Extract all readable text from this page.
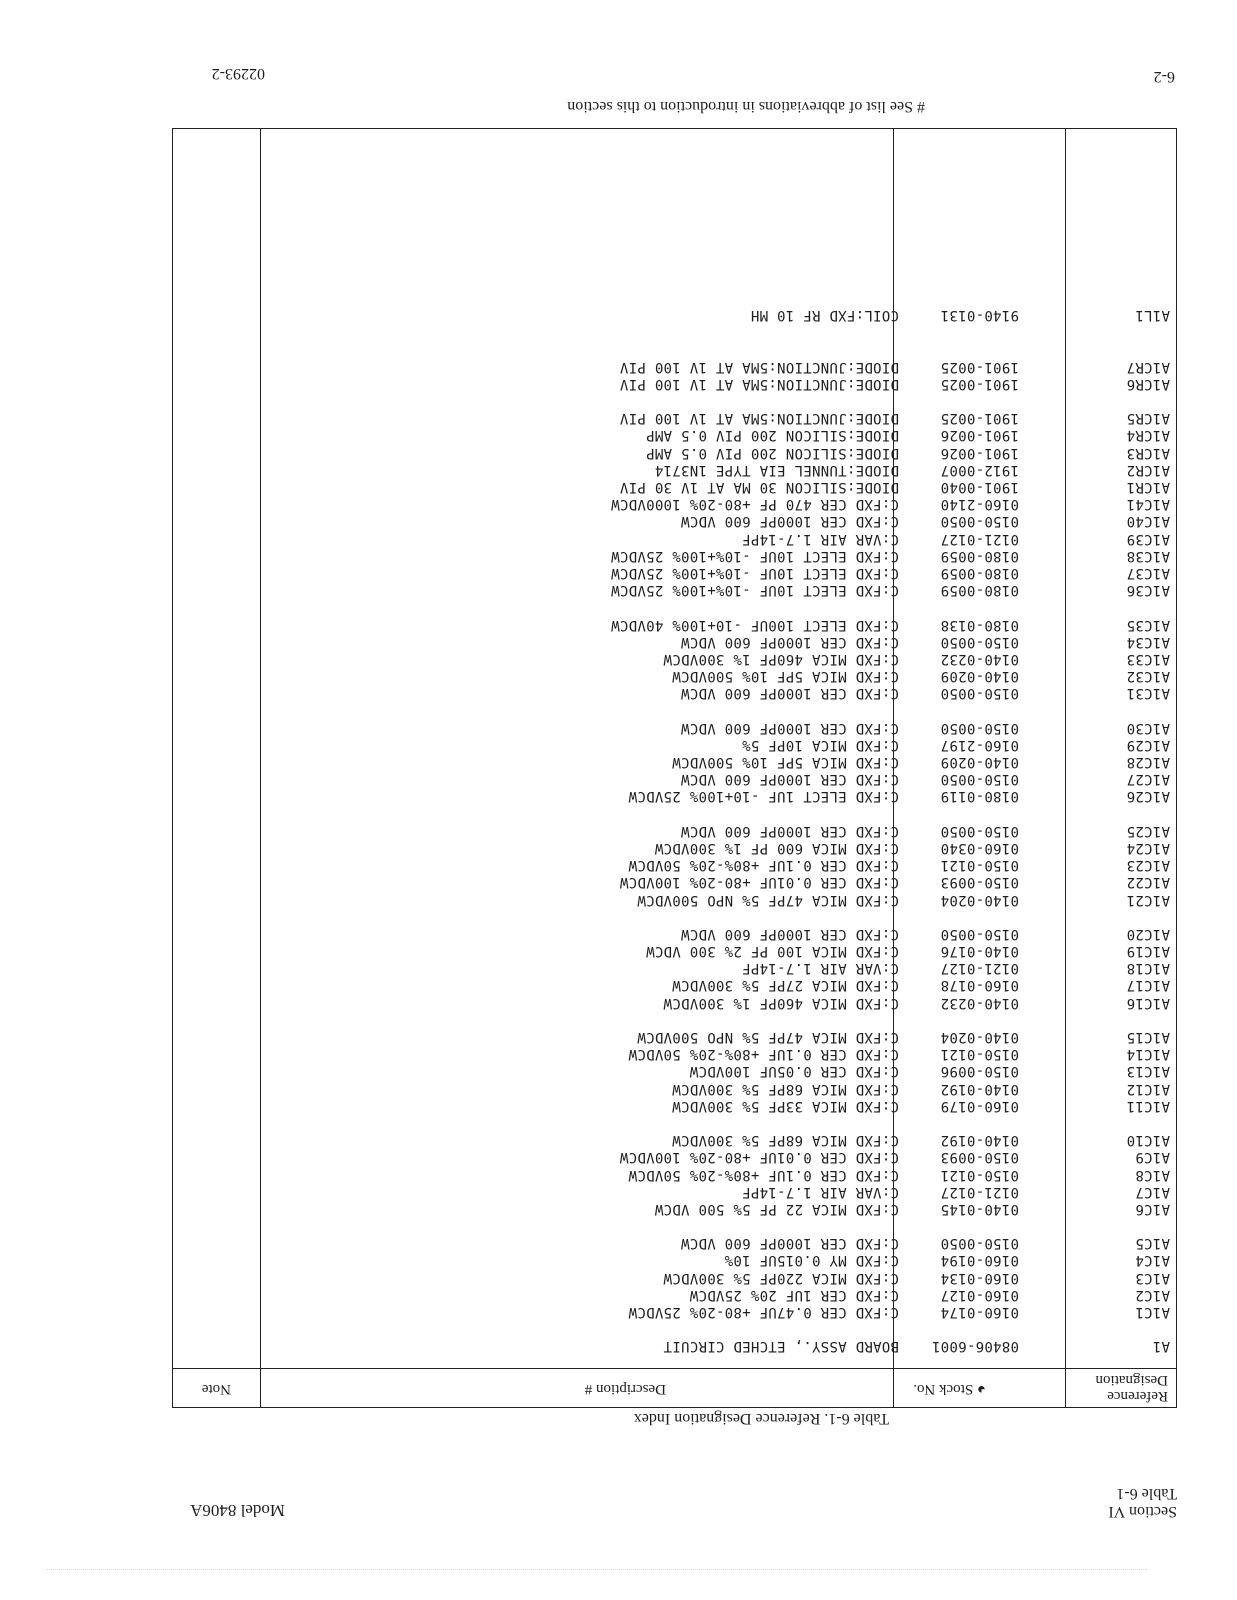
Section VI
Table 6-1
Model 8406A
Table 6-1. Reference Designation Index
Reference Designation
◕ Stock No.
Description #
Note
A1
08406-6001
BOARD ASSY., ETCHED CIRCUIT
A1C1
0160-0174
C:FXD CER 0.47UF +80-20% 25VDCW
A1C2
0160-0127
C:FXD CER 1UF 20% 25VDCW
A1C3
0160-0134
C:FXD MICA 220PF 5% 300VDCW
A1C4
0160-0194
C:FXD MY 0.015UF 10%
A1C5
0150-0050
C:FXD CER 1000PF 600 VDCW
A1C6
0140-0145
C:FXD MICA 22 PF 5% 500 VDCW
A1C7
0121-0127
C:VAR AIR 1.7-14PF
A1C8
0150-0121
C:FXD CER 0.1UF +80%-20% 50VDCW
A1C9
0150-0093
C:FXD CER 0.01UF +80-20% 100VDCW
A1C10
0140-0192
C:FXD MICA 68PF 5% 300VDCW
A1C11
0160-0179
C:FXD MICA 33PF 5% 300VDCW
A1C12
0140-0192
C:FXD MICA 68PF 5% 300VDCW
A1C13
0150-0096
C:FXD CER 0.05UF 100VDCW
A1C14
0150-0121
C:FXD CER 0.1UF +80%-20% 50VDCW
A1C15
0140-0204
C:FXD MICA 47PF 5% NPO 500VDCW
A1C16
0140-0232
C:FXD MICA 460PF 1% 300VDCW
A1C17
0160-0178
C:FXD MICA 27PF 5% 300VDCW
A1C18
0121-0127
C:VAR AIR 1.7-14PF
A1C19
0140-0176
C:FXD MICA 100 PF 2% 300 VDCW
A1C20
0150-0050
C:FXD CER 1000PF 600 VDCW
A1C21
0140-0204
C:FXD MICA 47PF 5% NPO 500VDCW
A1C22
0150-0093
C:FXD CER 0.01UF +80-20% 100VDCW
A1C23
0150-0121
C:FXD CER 0.1UF +80%-20% 50VDCW
A1C24
0160-0340
C:FXD MICA 600 PF 1% 300VDCW
A1C25
0150-0050
C:FXD CER 1000PF 600 VDCW
A1C26
0180-0119
C:FXD ELECT 1UF -10+100% 25VDCW
A1C27
0150-0050
C:FXD CER 1000PF 600 VDCW
A1C28
0140-0209
C:FXD MICA 5PF 10% 500VDCW
A1C29
0160-2197
C:FXD MICA 10PF 5%
A1C30
0150-0050
C:FXD CER 1000PF 600 VDCW
A1C31
0150-0050
C:FXD CER 1000PF 600 VDCW
A1C32
0140-0209
C:FXD MICA 5PF 10% 500VDCW
A1C33
0140-0232
C:FXD MICA 460PF 1% 300VDCW
A1C34
0150-0050
C:FXD CER 1000PF 600 VDCW
A1C35
0180-0138
C:FXD ELECT 100UF -10+100% 40VDCW
A1C36
0180-0059
C:FXD ELECT 10UF -10%+100% 25VDCW
A1C37
0180-0059
C:FXD ELECT 10UF -10%+100% 25VDCW
A1C38
0180-0059
C:FXD ELECT 10UF -10%+100% 25VDCW
A1C39
0121-0127
C:VAR AIR 1.7-14PF
A1C40
0150-0050
C:FXD CER 1000PF 600 VDCW
A1C41
0160-2140
C:FXD CER 470 PF +80-20% 1000VDCW
A1CR1
1901-0040
DIODE:SILICON 30 MA AT 1V 30 PIV
A1CR2
1912-0007
DIODE:TUNNEL EIA TYPE 1N3714
A1CR3
1901-0026
DIODE:SILICON 200 PIV 0.5 AMP
A1CR4
1901-0026
DIODE:SILICON 200 PIV 0.5 AMP
A1CR5
1901-0025
DIODE:JUNCTION:5MA AT 1V 100 PIV
A1CR6
1901-0025
DIODE:JUNCTION:5MA AT 1V 100 PIV
A1CR7
1901-0025
DIODE:JUNCTION:5MA AT 1V 100 PIV
A1L1
9140-0131
COIL:FXD RF 10 MH
# See list of abbreviations in introduction to this section
6-2
02293-2
